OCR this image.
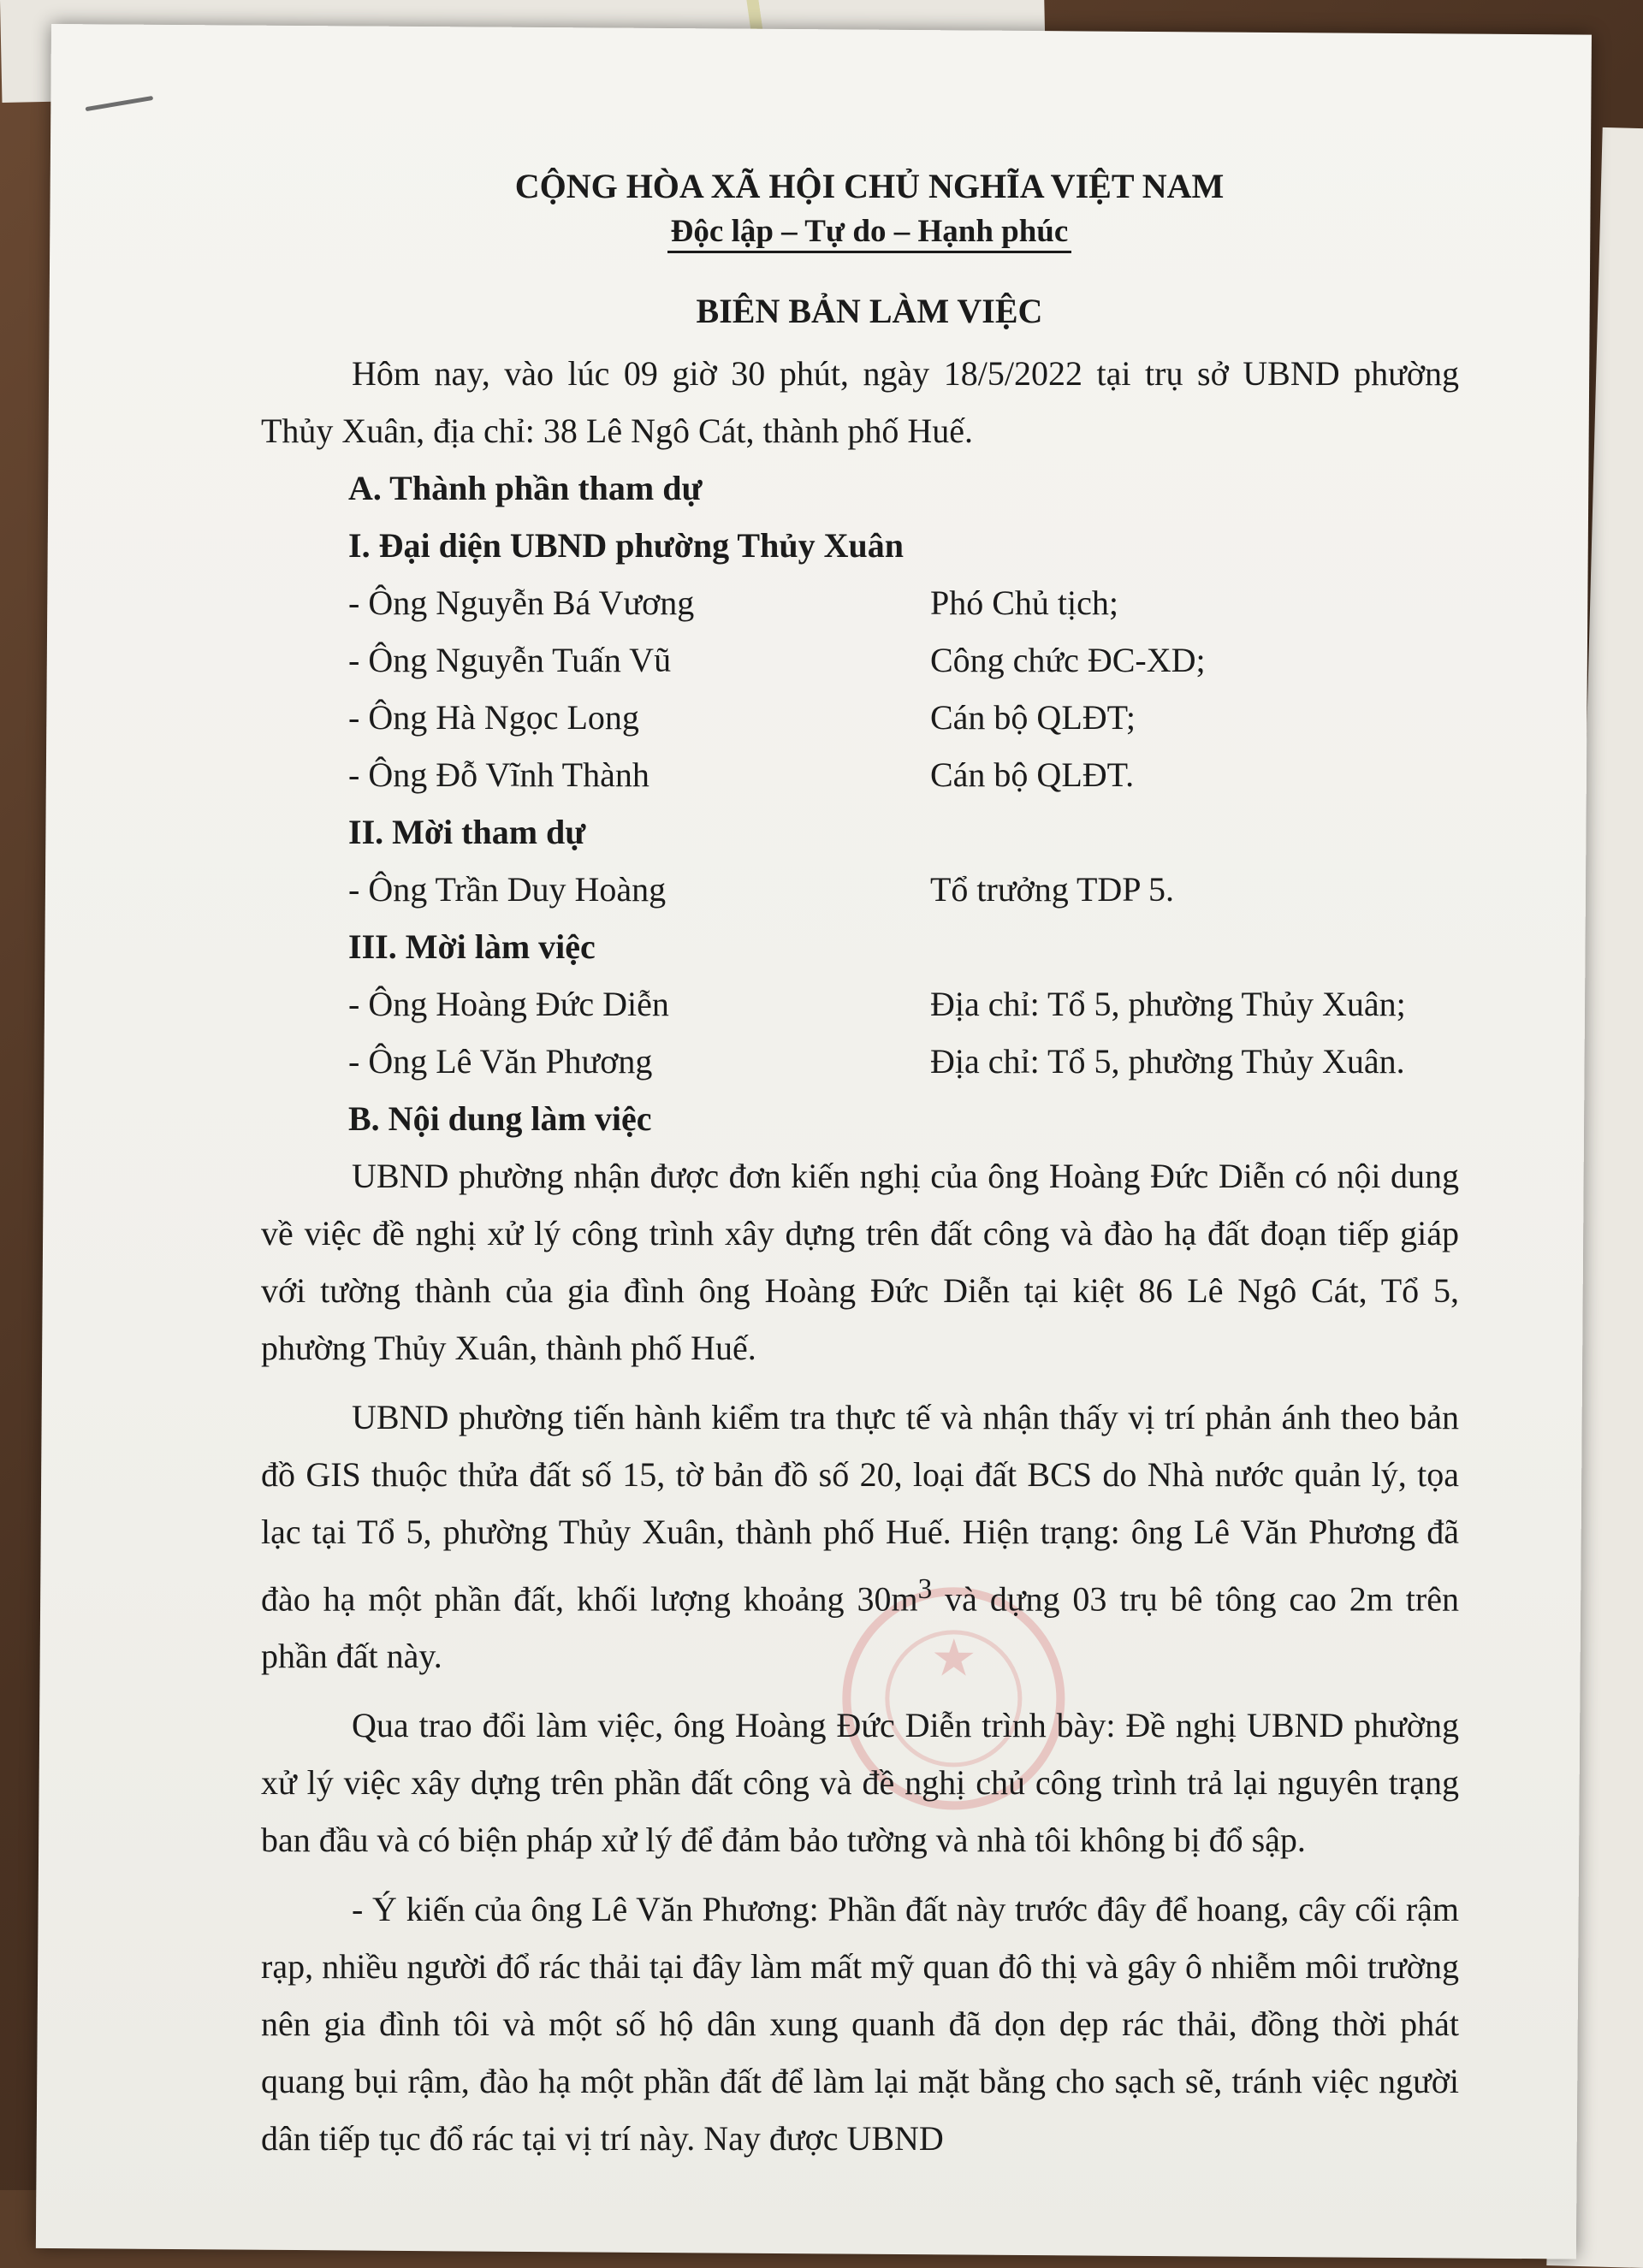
★
CỘNG HÒA XÃ HỘI CHỦ NGHĨA VIỆT NAM
Độc lập – Tự do – Hạnh phúc
BIÊN BẢN LÀM VIỆC

Hôm nay, vào lúc 09 giờ 30 phút, ngày 18/5/2022 tại trụ sở UBND phường Thủy Xuân, địa chỉ: 38 Lê Ngô Cát, thành phố Huế.

A. Thành phần tham dự
I. Đại diện UBND phường Thủy Xuân
- Ông Nguyễn Bá Vương	Phó Chủ tịch;
- Ông Nguyễn Tuấn Vũ	Công chức ĐC-XD;
- Ông Hà Ngọc Long	Cán bộ QLĐT;
- Ông Đỗ Vĩnh Thành	Cán bộ QLĐT.
II. Mời tham dự
- Ông Trần Duy Hoàng	Tổ trưởng TDP 5.
III. Mời làm việc
- Ông Hoàng Đức Diễn	Địa chỉ: Tổ 5, phường Thủy Xuân;
- Ông Lê Văn Phương	Địa chỉ: Tổ 5, phường Thủy Xuân.
B. Nội dung làm việc

UBND phường nhận được đơn kiến nghị của ông Hoàng Đức Diễn có nội dung về việc đề nghị xử lý công trình xây dựng trên đất công và đào hạ đất đoạn tiếp giáp với tường thành của gia đình ông Hoàng Đức Diễn tại kiệt 86 Lê Ngô Cát, Tổ 5, phường Thủy Xuân, thành phố Huế.

UBND phường tiến hành kiểm tra thực tế và nhận thấy vị trí phản ánh theo bản đồ GIS thuộc thửa đất số 15, tờ bản đồ số 20, loại đất BCS do Nhà nước quản lý, tọa lạc tại Tổ 5, phường Thủy Xuân, thành phố Huế. Hiện trạng: ông Lê Văn Phương đã đào hạ một phần đất, khối lượng khoảng $30m^3$ và dựng 03 trụ bê tông cao 2m trên phần đất này.

Qua trao đổi làm việc, ông Hoàng Đức Diễn trình bày: Đề nghị UBND phường xử lý việc xây dựng trên phần đất công và đề nghị chủ công trình trả lại nguyên trạng ban đầu và có biện pháp xử lý để đảm bảo tường và nhà tôi không bị đổ sập.

- Ý kiến của ông Lê Văn Phương: Phần đất này trước đây để hoang, cây cối rậm rạp, nhiều người đổ rác thải tại đây làm mất mỹ quan đô thị và gây ô nhiễm môi trường nên gia đình tôi và một số hộ dân xung quanh đã dọn dẹp rác thải, đồng thời phát quang bụi rậm, đào hạ một phần đất để làm lại mặt bằng cho sạch sẽ, tránh việc người dân tiếp tục đổ rác tại vị trí này. Nay được UBND
